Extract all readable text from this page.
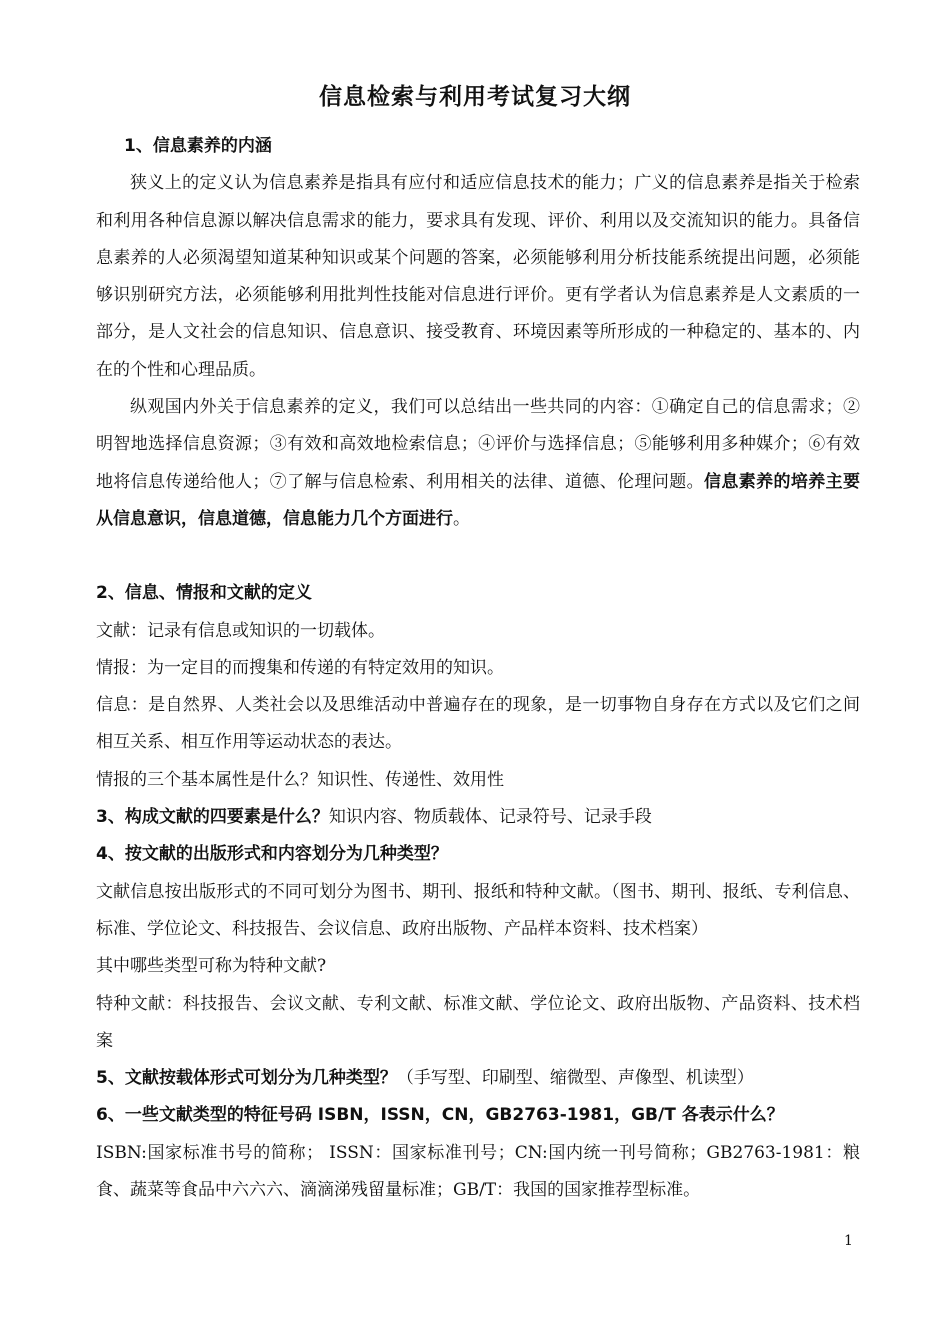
信息检索与利用考试复习大纲

1、信息素养的内涵

狭义上的定义认为信息素养是指具有应付和适应信息技术的能力；广义的信息素养是指关于检索和利用各种信息源以解决信息需求的能力，要求具有发现、评价、利用以及交流知识的能力。具备信息素养的人必须渴望知道某种知识或某个问题的答案，必须能够利用分析技能系统提出问题，必须能够识别研究方法，必须能够利用批判性技能对信息进行评价。更有学者认为信息素养是人文素质的一部分，是人文社会的信息知识、信息意识、接受教育、环境因素等所形成的一种稳定的、基本的、内在的个性和心理品质。

纵观国内外关于信息素养的定义，我们可以总结出一些共同的内容：①确定自己的信息需求；②明智地选择信息资源；③有效和高效地检索信息；④评价与选择信息；⑤能够利用多种媒介；⑥有效地将信息传递给他人；⑦了解与信息检索、利用相关的法律、道德、伦理问题。信息素养的培养主要从信息意识，信息道德，信息能力几个方面进行。

2、信息、情报和文献的定义

文献：记录有信息或知识的一切载体。

情报：为一定目的而搜集和传递的有特定效用的知识。

信息：是自然界、人类社会以及思维活动中普遍存在的现象，是一切事物自身存在方式以及它们之间相互关系、相互作用等运动状态的表达。

情报的三个基本属性是什么？知识性、传递性、效用性

3、构成文献的四要素是什么？知识内容、物质载体、记录符号、记录手段

4、按文献的出版形式和内容划分为几种类型？

文献信息按出版形式的不同可划分为图书、期刊、报纸和特种文献。（图书、期刊、报纸、专利信息、标准、学位论文、科技报告、会议信息、政府出版物、产品样本资料、技术档案）

其中哪些类型可称为特种文献?

特种文献：科技报告、会议文献、专利文献、标准文献、学位论文、政府出版物、产品资料、技术档案

5、文献按载体形式可划分为几种类型？（手写型、印刷型、缩微型、声像型、机读型）

6、一些文献类型的特征号码 ISBN，ISSN，CN，GB2763-1981，GB/T 各表示什么？

ISBN:国家标准书号的简称； ISSN：国家标准刊号；CN:国内统一刊号简称；GB2763-1981：粮食、蔬菜等食品中六六六、滴滴涕残留量标准；GB/T：我国的国家推荐型标准。

1
